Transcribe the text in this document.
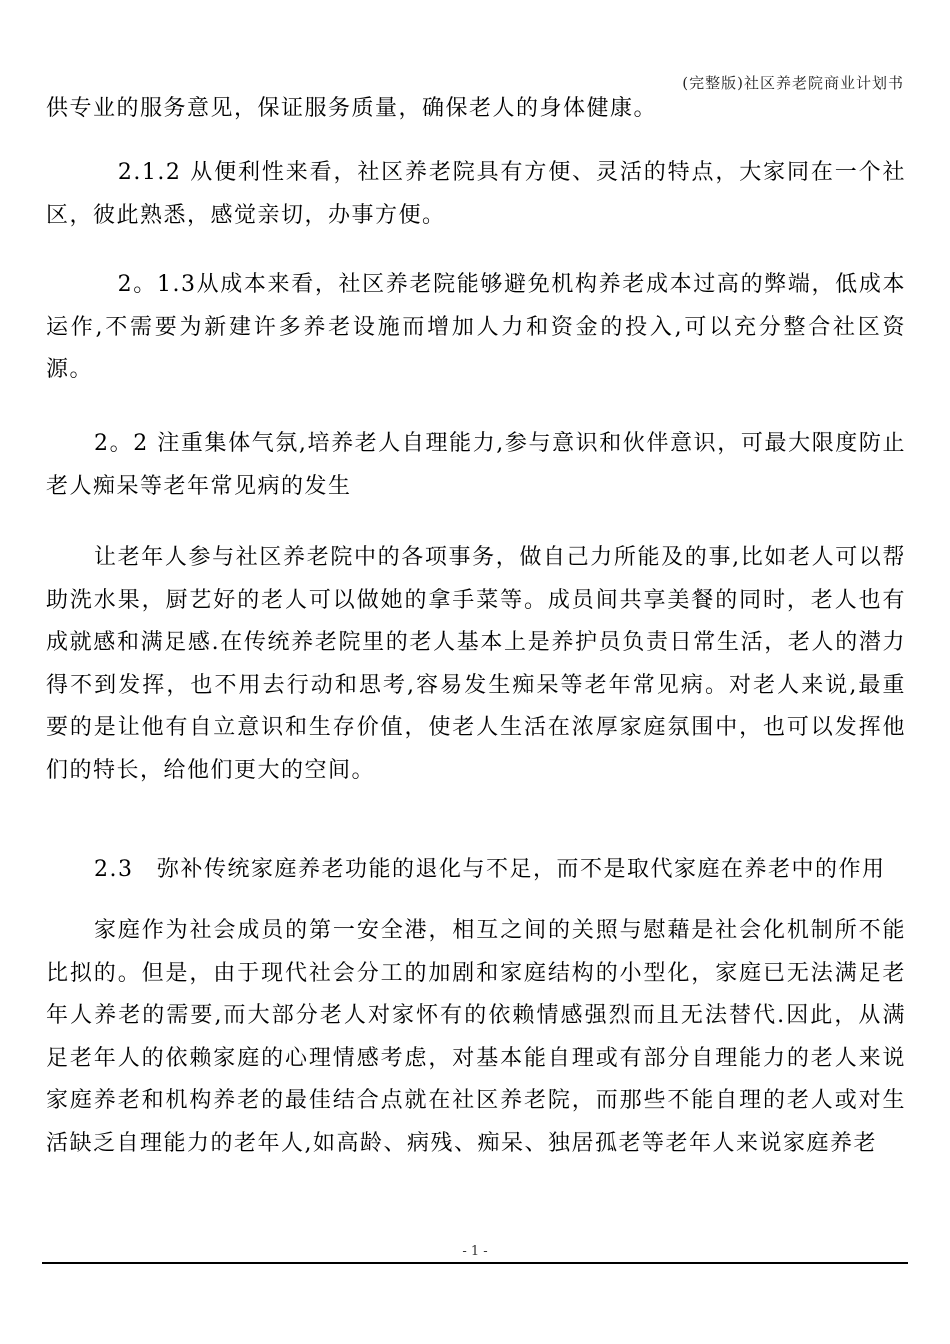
(完整版)社区养老院商业计划书

供专业的服务意见，保证服务质量，确保老人的身体健康。

　2.1.2 从便利性来看，社区养老院具有方便、灵活的特点，大家同在一个社区，彼此熟悉，感觉亲切，办事方便。

　2。1.3从成本来看，社区养老院能够避免机构养老成本过高的弊端，低成本运作,不需要为新建许多养老设施而增加人力和资金的投入,可以充分整合社区资源。

2。2 注重集体气氛,培养老人自理能力,参与意识和伙伴意识，可最大限度防止老人痴呆等老年常见病的发生

让老年人参与社区养老院中的各项事务，做自己力所能及的事,比如老人可以帮助洗水果，厨艺好的老人可以做她的拿手菜等。成员间共享美餐的同时，老人也有成就感和满足感.在传统养老院里的老人基本上是养护员负责日常生活，老人的潜力得不到发挥，也不用去行动和思考,容易发生痴呆等老年常见病。对老人来说,最重要的是让他有自立意识和生存价值，使老人生活在浓厚家庭氛围中，也可以发挥他们的特长，给他们更大的空间。

2.3　弥补传统家庭养老功能的退化与不足，而不是取代家庭在养老中的作用

家庭作为社会成员的第一安全港，相互之间的关照与慰藉是社会化机制所不能比拟的。但是，由于现代社会分工的加剧和家庭结构的小型化，家庭已无法满足老年人养老的需要,而大部分老人对家怀有的依赖情感强烈而且无法替代.因此，从满足老年人的依赖家庭的心理情感考虑，对基本能自理或有部分自理能力的老人来说家庭养老和机构养老的最佳结合点就在社区养老院，而那些不能自理的老人或对生活缺乏自理能力的老年人,如高龄、病残、痴呆、独居孤老等老年人来说家庭养老

- 1 -
